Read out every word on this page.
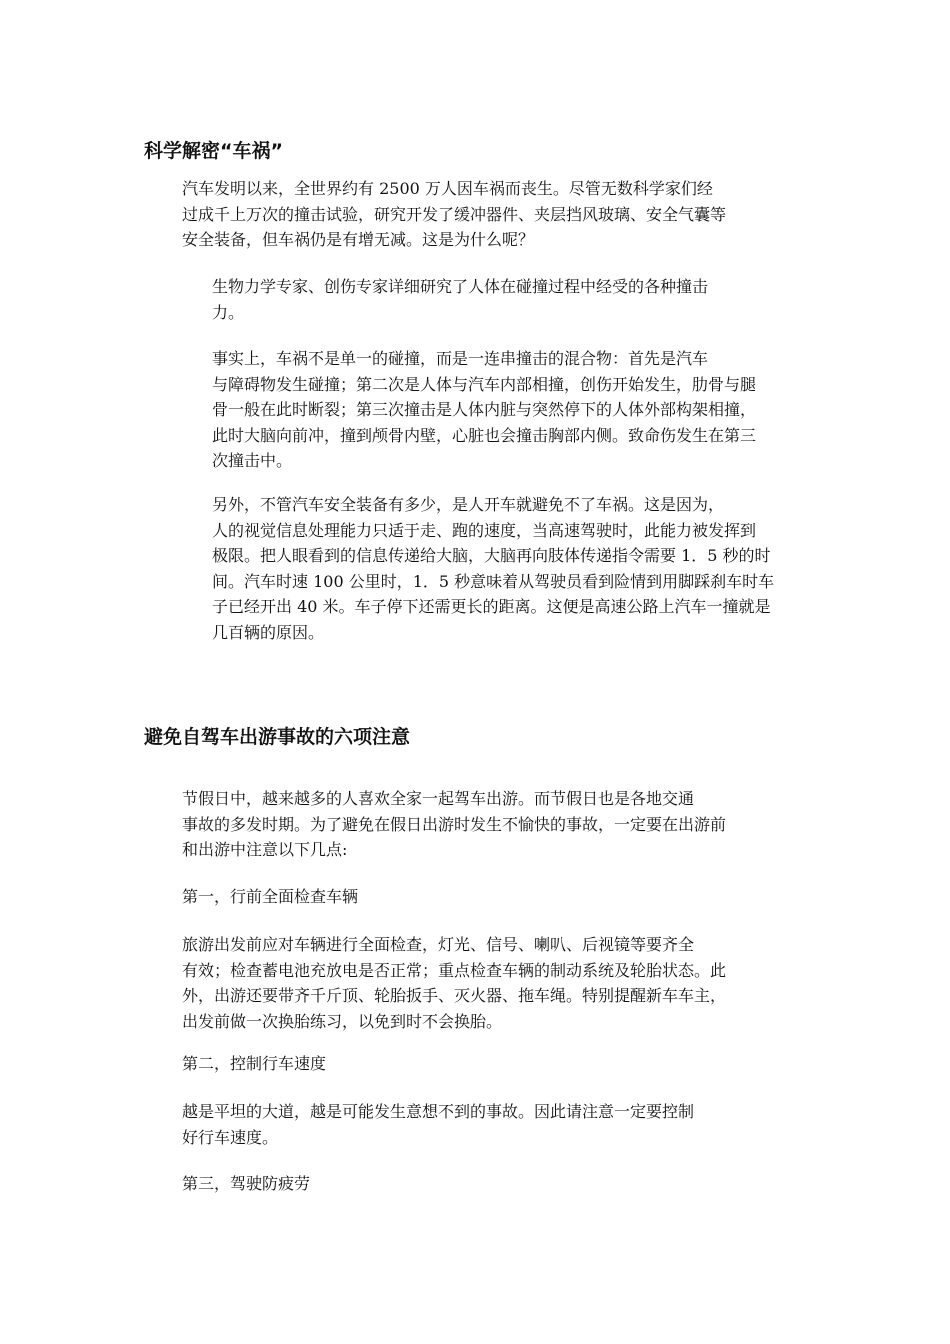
科学解密“车祸”

汽车发明以来，全世界约有 2500 万人因车祸而丧生。尽管无数科学家们经
过成千上万次的撞击试验，研究开发了缓冲器件、夹层挡风玻璃、安全气囊等
安全装备，但车祸仍是有增无减。这是为什么呢？

生物力学专家、创伤专家详细研究了人体在碰撞过程中经受的各种撞击
力。

事实上，车祸不是单一的碰撞，而是一连串撞击的混合物：首先是汽车
与障碍物发生碰撞；第二次是人体与汽车内部相撞，创伤开始发生，肋骨与腿
骨一般在此时断裂；第三次撞击是人体内脏与突然停下的人体外部构架相撞，
此时大脑向前冲，撞到颅骨内壁，心脏也会撞击胸部内侧。致命伤发生在第三
次撞击中。

另外，不管汽车安全装备有多少，是人开车就避免不了车祸。这是因为，
人的视觉信息处理能力只适于走、跑的速度，当高速驾驶时，此能力被发挥到
极限。把人眼看到的信息传递给大脑，大脑再向肢体传递指令需要 1．5 秒的时
间。汽车时速 100 公里时，1．5 秒意味着从驾驶员看到险情到用脚踩刹车时车
子已经开出 40 米。车子停下还需更长的距离。这便是高速公路上汽车一撞就是
几百辆的原因。

避免自驾车出游事故的六项注意

节假日中，越来越多的人喜欢全家一起驾车出游。而节假日也是各地交通
事故的多发时期。为了避免在假日出游时发生不愉快的事故，一定要在出游前
和出游中注意以下几点:

第一，行前全面检查车辆

旅游出发前应对车辆进行全面检查，灯光、信号、喇叭、后视镜等要齐全
有效；检查蓄电池充放电是否正常；重点检查车辆的制动系统及轮胎状态。此
外，出游还要带齐千斤顶、轮胎扳手、灭火器、拖车绳。特别提醒新车车主，
出发前做一次换胎练习，以免到时不会换胎。

第二，控制行车速度

越是平坦的大道，越是可能发生意想不到的事故。因此请注意一定要控制
好行车速度。

第三，驾驶防疲劳
